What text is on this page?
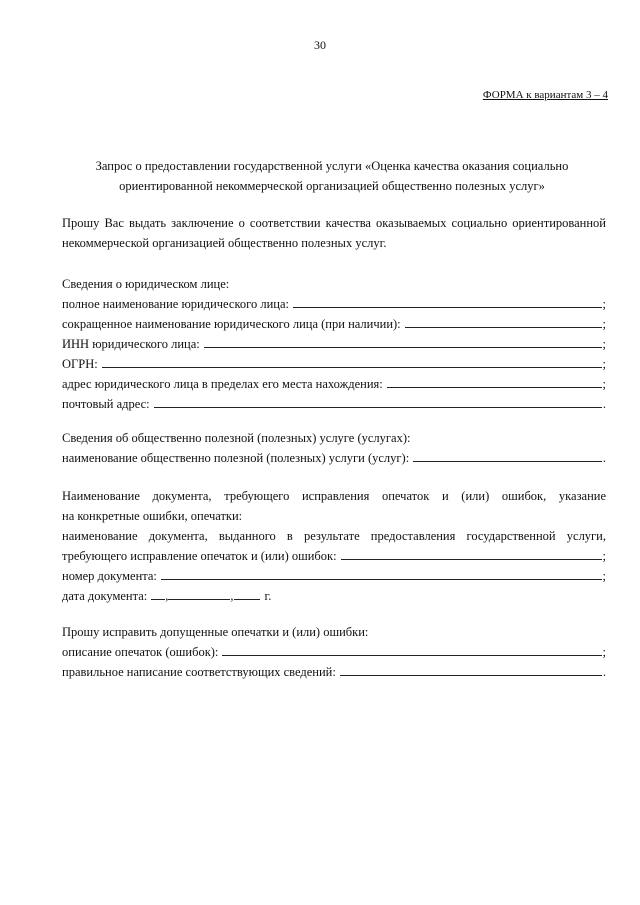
30
ФОРМА к вариантам 3 – 4
Запрос о предоставлении государственной услуги «Оценка качества оказания социально
ориентированной некоммерческой организацией общественно полезных услуг»
Прошу Вас выдать заключение о соответствии качества оказываемых социально ориентированной
некоммерческой организацией общественно полезных услуг.
Сведения о юридическом лице:
полное наименование юридического лица:	;
сокращенное наименование юридического лица (при наличии):	;
ИНН юридического лица:	;
ОГРН:	;
адрес юридического лица в пределах его места нахождения:	;
почтовый адрес:	.
Сведения об общественно полезной (полезных) услуге (услугах):
наименование общественно полезной (полезных) услуги (услуг):	.
Наименование документа, требующего исправления опечаток и (или) ошибок, указание
на конкретные ошибки, опечатки:
наименование документа, выданного в результате предоставления государственной услуги,
требующего исправление опечаток и (или) ошибок:	;
номер документа:	;
дата документа: ,	, г.
Прошу исправить допущенные опечатки и (или) ошибки:
описание опечаток (ошибок):	;
правильное написание соответствующих сведений:	.
